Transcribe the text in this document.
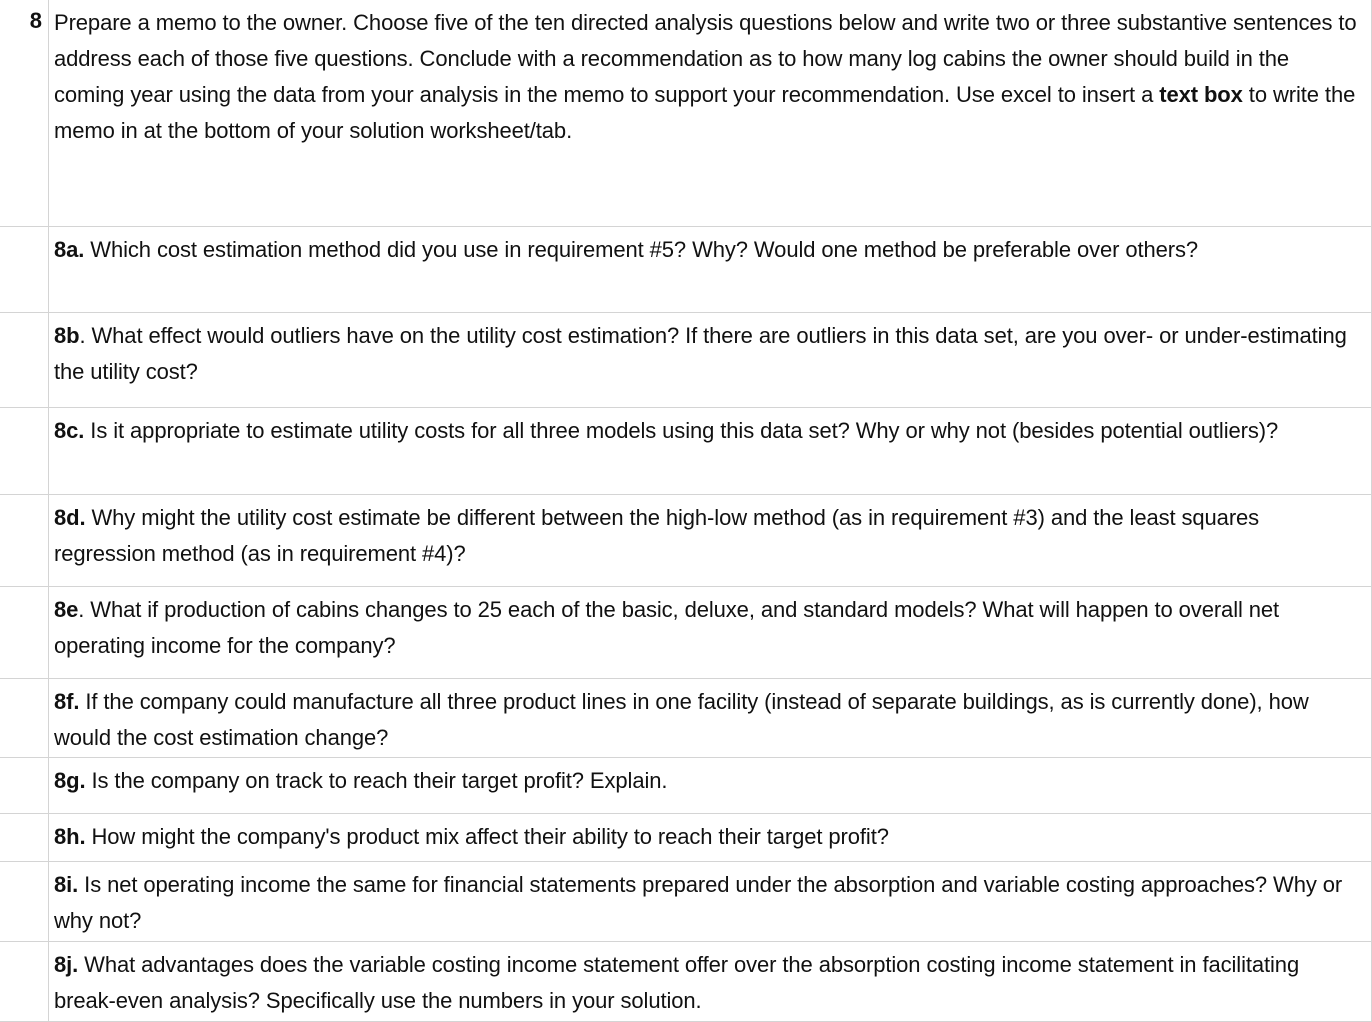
8 Prepare a memo to the owner. Choose five of the ten directed analysis questions below and write two or three substantive sentences to address each of those five questions. Conclude with a recommendation as to how many log cabins the owner should build in the coming year using the data from your analysis in the memo to support your recommendation. Use excel to insert a text box to write the memo in at the bottom of your solution worksheet/tab.
8a. Which cost estimation method did you use in requirement #5? Why? Would one method be preferable over others?
8b. What effect would outliers have on the utility cost estimation? If there are outliers in this data set, are you over- or under-estimating the utility cost?
8c. Is it appropriate to estimate utility costs for all three models using this data set? Why or why not (besides potential outliers)?
8d. Why might the utility cost estimate be different between the high-low method (as in requirement #3) and the least squares regression method (as in requirement #4)?
8e. What if production of cabins changes to 25 each of the basic, deluxe, and standard models? What will happen to overall net operating income for the company?
8f. If the company could manufacture all three product lines in one facility (instead of separate buildings, as is currently done), how would the cost estimation change?
8g. Is the company on track to reach their target profit? Explain.
8h. How might the company's product mix affect their ability to reach their target profit?
8i. Is net operating income the same for financial statements prepared under the absorption and variable costing approaches? Why or why not?
8j. What advantages does the variable costing income statement offer over the absorption costing income statement in facilitating break-even analysis? Specifically use the numbers in your solution.
